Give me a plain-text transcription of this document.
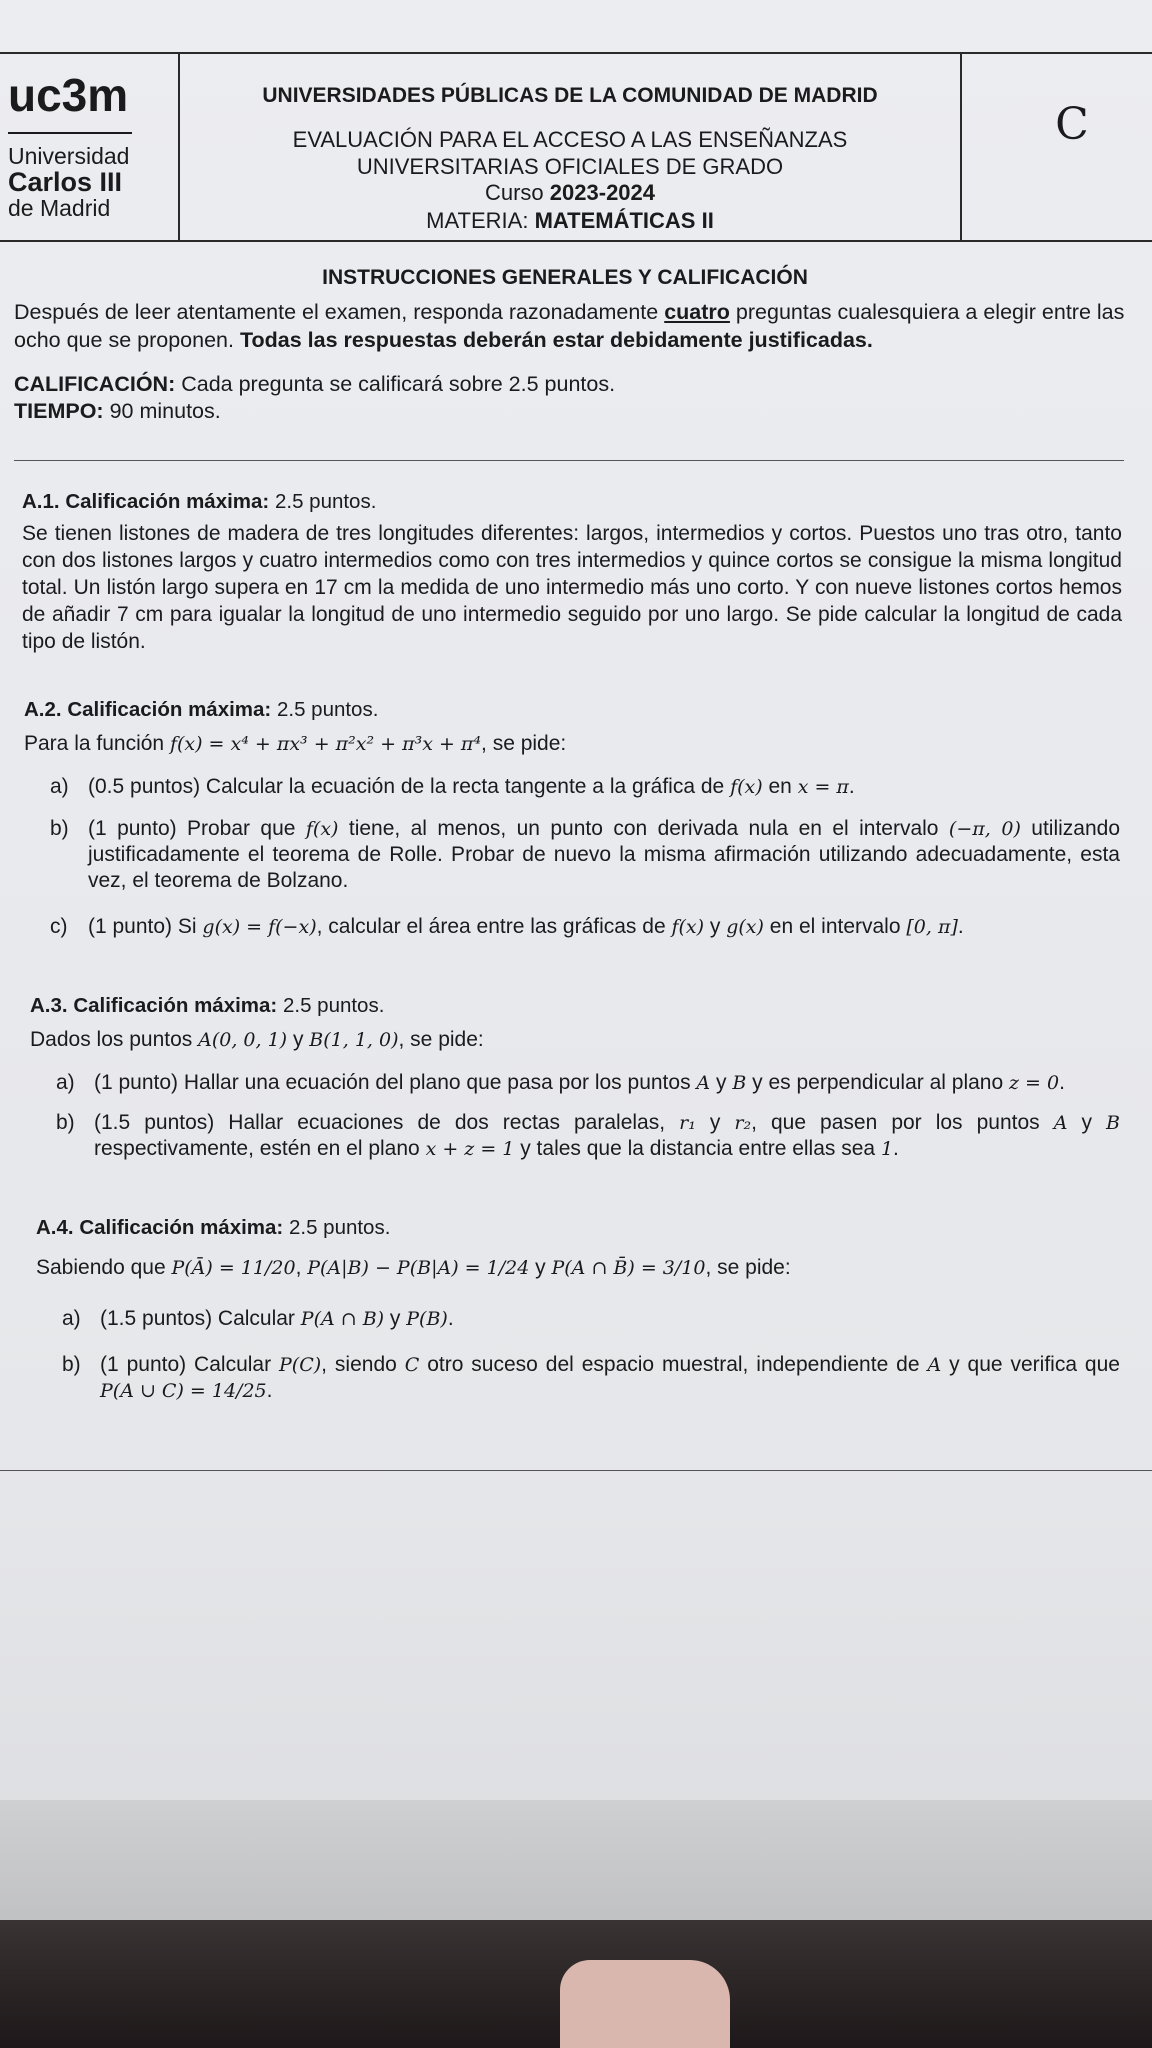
uc3m
Universidad
Carlos III
de Madrid
UNIVERSIDADES PÚBLICAS DE LA COMUNIDAD DE MADRID
EVALUACIÓN PARA EL ACCESO A LAS ENSEÑANZAS
UNIVERSITARIAS OFICIALES DE GRADO
Curso 2023-2024
MATERIA: MATEMÁTICAS II
C
INSTRUCCIONES GENERALES Y CALIFICACIÓN
Después de leer atentamente el examen, responda razonadamente cuatro preguntas cualesquiera a elegir entre las ocho que se proponen. Todas las respuestas deberán estar debidamente justificadas.
CALIFICACIÓN: Cada pregunta se calificará sobre 2.5 puntos.
TIEMPO: 90 minutos.
A.1. Calificación máxima: 2.5 puntos.
Se tienen listones de madera de tres longitudes diferentes: largos, intermedios y cortos. Puestos uno tras otro, tanto con dos listones largos y cuatro intermedios como con tres intermedios y quince cortos se consigue la misma longitud total. Un listón largo supera en 17 cm la medida de uno intermedio más uno corto. Y con nueve listones cortos hemos de añadir 7 cm para igualar la longitud de uno intermedio seguido por uno largo. Se pide calcular la longitud de cada tipo de listón.
A.2. Calificación máxima: 2.5 puntos.
Para la función f(x) = x⁴ + πx³ + π²x² + π³x + π⁴, se pide:
a) (0.5 puntos) Calcular la ecuación de la recta tangente a la gráfica de f(x) en x = π.
b) (1 punto) Probar que f(x) tiene, al menos, un punto con derivada nula en el intervalo (−π, 0) utilizando justificadamente el teorema de Rolle. Probar de nuevo la misma afirmación utilizando adecuadamente, esta vez, el teorema de Bolzano.
c) (1 punto) Si g(x) = f(−x), calcular el área entre las gráficas de f(x) y g(x) en el intervalo [0, π].
A.3. Calificación máxima: 2.5 puntos.
Dados los puntos A(0, 0, 1) y B(1, 1, 0), se pide:
a) (1 punto) Hallar una ecuación del plano que pasa por los puntos A y B y es perpendicular al plano z = 0.
b) (1.5 puntos) Hallar ecuaciones de dos rectas paralelas, r₁ y r₂, que pasen por los puntos A y B respectivamente, estén en el plano x + z = 1 y tales que la distancia entre ellas sea 1.
A.4. Calificación máxima: 2.5 puntos.
Sabiendo que P(Ā) = 11/20, P(A|B) − P(B|A) = 1/24 y P(A ∩ B̄) = 3/10, se pide:
a) (1.5 puntos) Calcular P(A ∩ B) y P(B).
b) (1 punto) Calcular P(C), siendo C otro suceso del espacio muestral, independiente de A y que verifica que P(A ∪ C) = 14/25.
